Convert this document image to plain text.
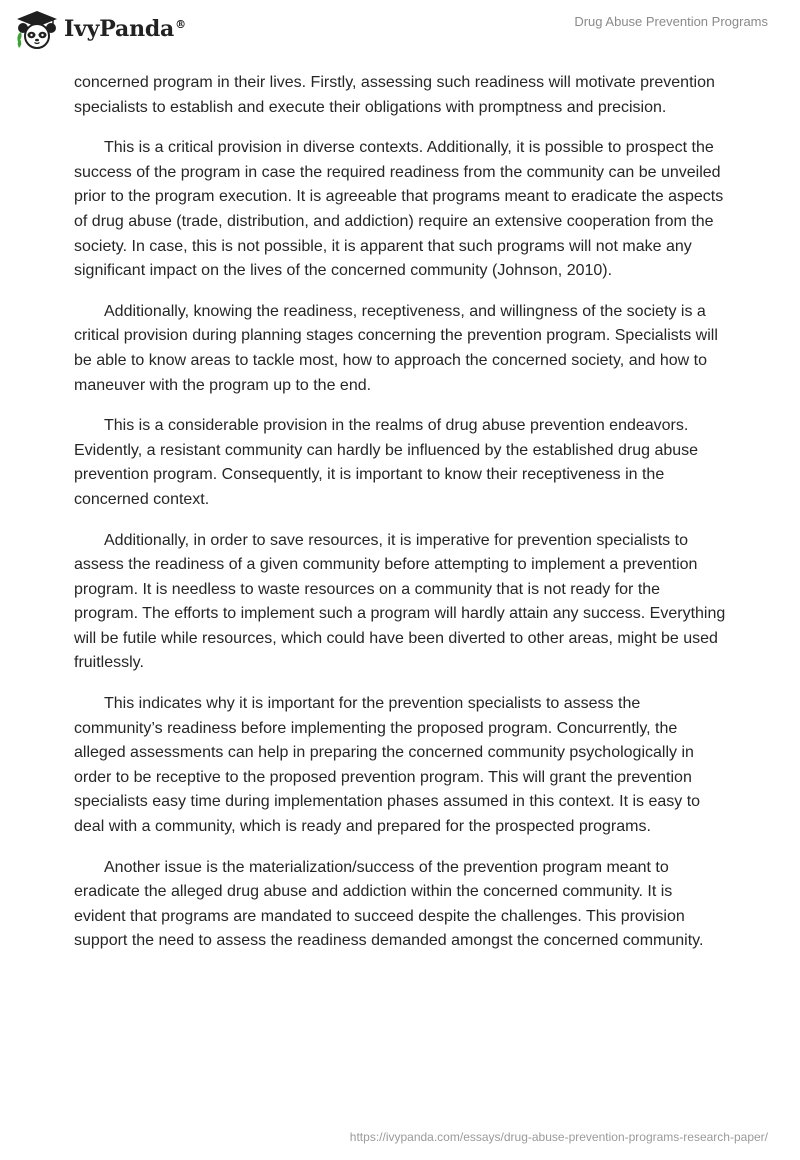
IvyPanda®	Drug Abuse Prevention Programs

concerned program in their lives. Firstly, assessing such readiness will motivate prevention specialists to establish and execute their obligations with promptness and precision.

This is a critical provision in diverse contexts. Additionally, it is possible to prospect the success of the program in case the required readiness from the community can be unveiled prior to the program execution. It is agreeable that programs meant to eradicate the aspects of drug abuse (trade, distribution, and addiction) require an extensive cooperation from the society. In case, this is not possible, it is apparent that such programs will not make any significant impact on the lives of the concerned community (Johnson, 2010).

Additionally, knowing the readiness, receptiveness, and willingness of the society is a critical provision during planning stages concerning the prevention program. Specialists will be able to know areas to tackle most, how to approach the concerned society, and how to maneuver with the program up to the end.

This is a considerable provision in the realms of drug abuse prevention endeavors. Evidently, a resistant community can hardly be influenced by the established drug abuse prevention program. Consequently, it is important to know their receptiveness in the concerned context.

Additionally, in order to save resources, it is imperative for prevention specialists to assess the readiness of a given community before attempting to implement a prevention program. It is needless to waste resources on a community that is not ready for the program. The efforts to implement such a program will hardly attain any success. Everything will be futile while resources, which could have been diverted to other areas, might be used fruitlessly.

This indicates why it is important for the prevention specialists to assess the community’s readiness before implementing the proposed program. Concurrently, the alleged assessments can help in preparing the concerned community psychologically in order to be receptive to the proposed prevention program. This will grant the prevention specialists easy time during implementation phases assumed in this context. It is easy to deal with a community, which is ready and prepared for the prospected programs.

Another issue is the materialization/success of the prevention program meant to eradicate the alleged drug abuse and addiction within the concerned community. It is evident that programs are mandated to succeed despite the challenges. This provision support the need to assess the readiness demanded amongst the concerned community.

https://ivypanda.com/essays/drug-abuse-prevention-programs-research-paper/
